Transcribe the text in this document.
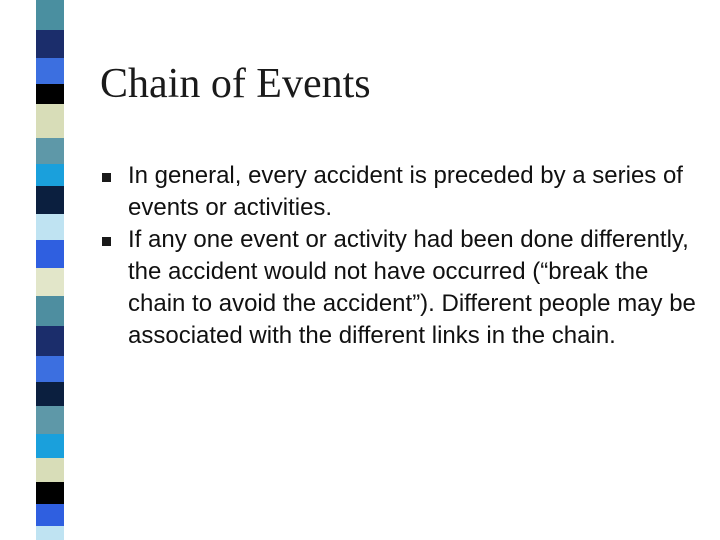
Chain of Events
In general, every accident is preceded by a series of events or activities.
If any one event or activity had been done differently, the accident would not have occurred (“break the chain to avoid the accident”). Different people may be associated with the different links in the chain.
